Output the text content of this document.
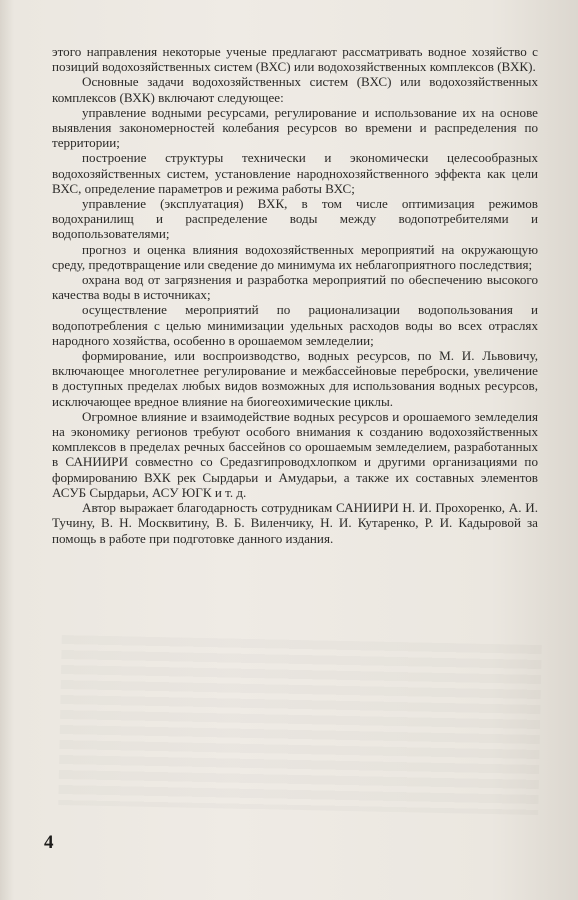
этого направления некоторые ученые предлагают рассматривать водное хозяйство с позиций водохозяйственных систем (ВХС) или водохозяйственных комплексов (ВХК).

Основные задачи водохозяйственных систем (ВХС) или водохозяйственных комплексов (ВХК) включают следующее:

управление водными ресурсами, регулирование и использование их на основе выявления закономерностей колебания ресурсов во времени и распределения по территории;

построение структуры технически и экономически целесообразных водохозяйственных систем, установление народнохозяйственного эффекта как цели ВХС, определение параметров и режима работы ВХС;

управление (эксплуатация) ВХК, в том числе оптимизация режимов водохранилищ и распределение воды между водопотребителями и водопользователями;

прогноз и оценка влияния водохозяйственных мероприятий на окружающую среду, предотвращение или сведение до минимума их неблагоприятного последствия;

охрана вод от загрязнения и разработка мероприятий по обеспечению высокого качества воды в источниках;

осуществление мероприятий по рационализации водопользования и водопотребления с целью минимизации удельных расходов воды во всех отраслях народного хозяйства, особенно в орошаемом земледелии;

формирование, или воспроизводство, водных ресурсов, по М. И. Львовичу, включающее многолетнее регулирование и межбассейновые переброски, увеличение в доступных пределах любых видов возможных для использования водных ресурсов, исключающее вредное влияние на биогеохимические циклы.

Огромное влияние и взаимодействие водных ресурсов и орошаемого земледелия на экономику регионов требуют особого внимания к созданию водохозяйственных комплексов в пределах речных бассейнов со орошаемым земледелием, разработанных в САНИИРИ совместно со Средазгипроводхлопком и другими организациями по формированию ВХК рек Сырдарьи и Амударьи, а также их составных элементов АСУБ Сырдарьи, АСУ ЮГК и т. д.

Автор выражает благодарность сотрудникам САНИИРИ Н. И. Прохоренко, А. И. Тучину, В. Н. Москвитину, В. Б. Виленчику, Н. И. Кутаренко, Р. И. Кадыровой за помощь в работе при подготовке данного издания.

4
